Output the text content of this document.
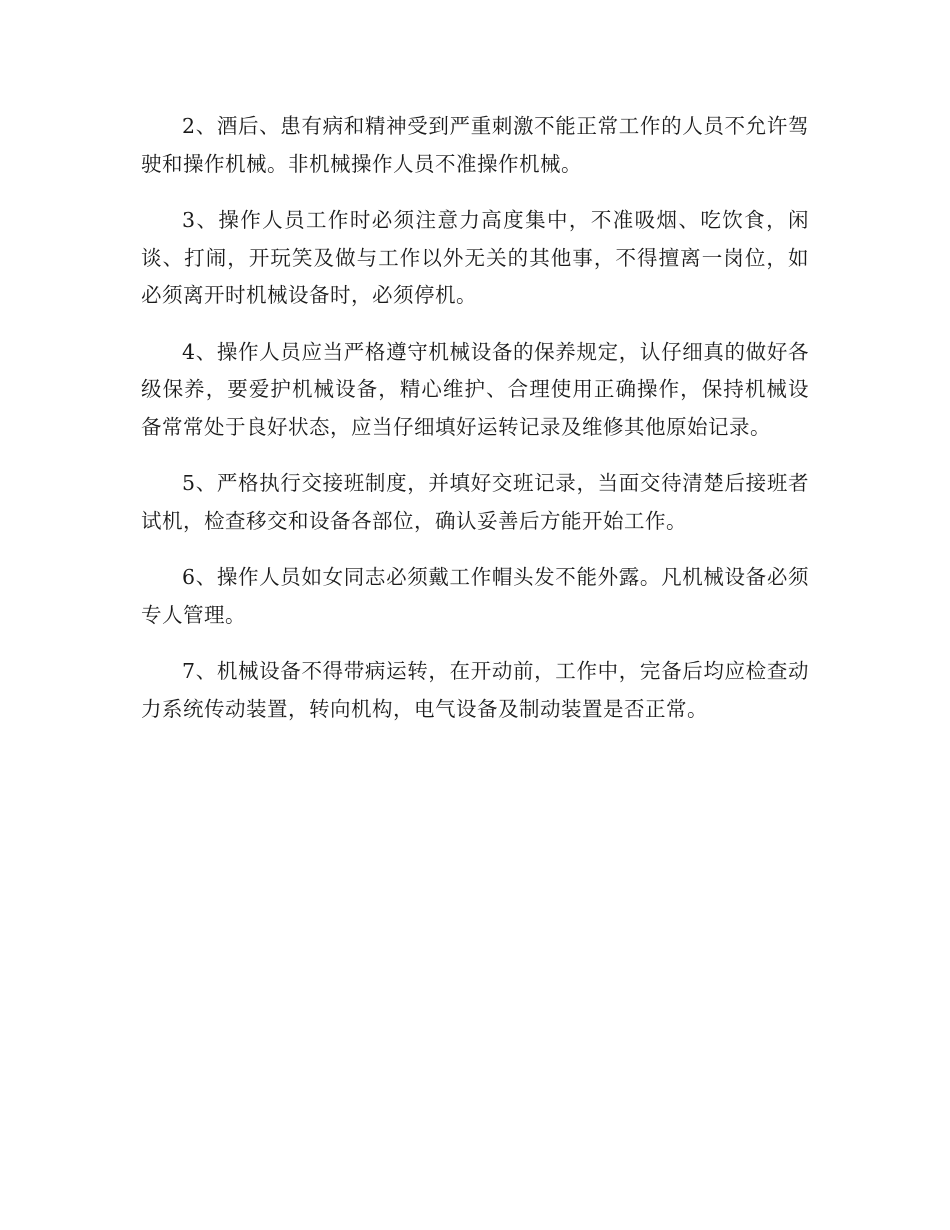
2、酒后、患有病和精神受到严重刺激不能正常工作的人员不允许驾驶和操作机械。非机械操作人员不准操作机械。

3、操作人员工作时必须注意力高度集中，不准吸烟、吃饮食，闲谈、打闹，开玩笑及做与工作以外无关的其他事，不得擅离一岗位，如必须离开时机械设备时，必须停机。

4、操作人员应当严格遵守机械设备的保养规定，认仔细真的做好各级保养，要爱护机械设备，精心维护、合理使用正确操作，保持机械设备常常处于良好状态，应当仔细填好运转记录及维修其他原始记录。

5、严格执行交接班制度，并填好交班记录，当面交待清楚后接班者试机，检查移交和设备各部位，确认妥善后方能开始工作。

6、操作人员如女同志必须戴工作帽头发不能外露。凡机械设备必须专人管理。

7、机械设备不得带病运转，在开动前，工作中，完备后均应检查动力系统传动装置，转向机构，电气设备及制动装置是否正常。
